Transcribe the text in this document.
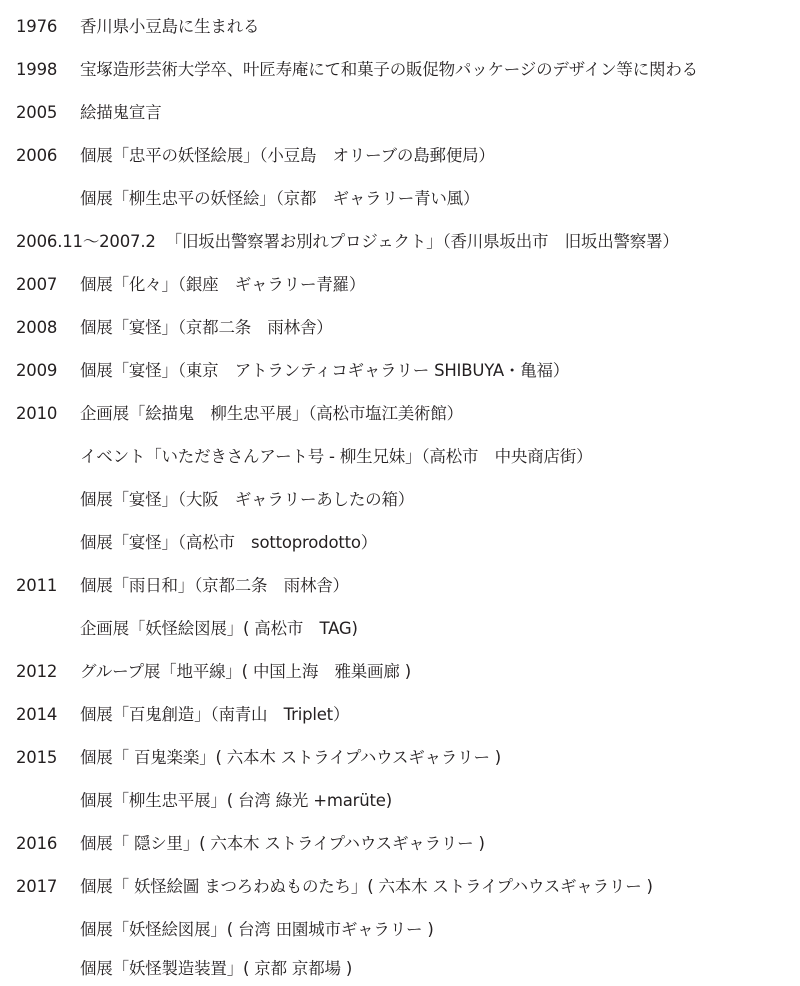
1976 香川県小豆島に生まれる
1998 宝塚造形芸術大学卒、叶匠寿庵にて和菓子の販促物パッケージのデザイン等に関わる
2005 絵描鬼宣言
2006 個展「忠平の妖怪絵展」（小豆島　オリーブの島郵便局）
個展「柳生忠平の妖怪絵」（京都　ギャラリー青い風）
2006.11〜2007.2 「旧坂出警察署お別れプロジェクト」（香川県坂出市　旧坂出警察署）
2007個展「化々」（銀座　ギャラリー青羅）
2008 個展「宴怪」（京都二条　雨林舎）
2009 個展「宴怪」（東京　アトランティコギャラリー SHIBUYA・亀福）
2010 企画展「絵描鬼　柳生忠平展」（高松市塩江美術館）
イベント「いただきさんアート号 - 柳生兄妹」（高松市　中央商店街）
個展「宴怪」（大阪　ギャラリーあしたの箱）
個展「宴怪」（高松市　sottoprodotto）
2011 個展「雨日和」（京都二条　雨林舎）
企画展「妖怪絵図展」( 高松市　TAG)
2012 グループ展「地平線」( 中国上海　雅巣画廊 )
2014 個展「百鬼創造」（南青山　Triplet）
2015 個展「 百鬼楽楽」( 六本木 ストライプハウスギャラリー )
個展「柳生忠平展」( 台湾 綠光 +marüte)
2016個展「 隠シ里」( 六本木 ストライプハウスギャラリー )
2017 個展「 妖怪絵圖 まつろわぬものたち」( 六本木 ストライプハウスギャラリー )
個展「妖怪絵図展」( 台湾 田園城市ギャラリー )
個展「妖怪製造装置」( 京都 京都場 )
